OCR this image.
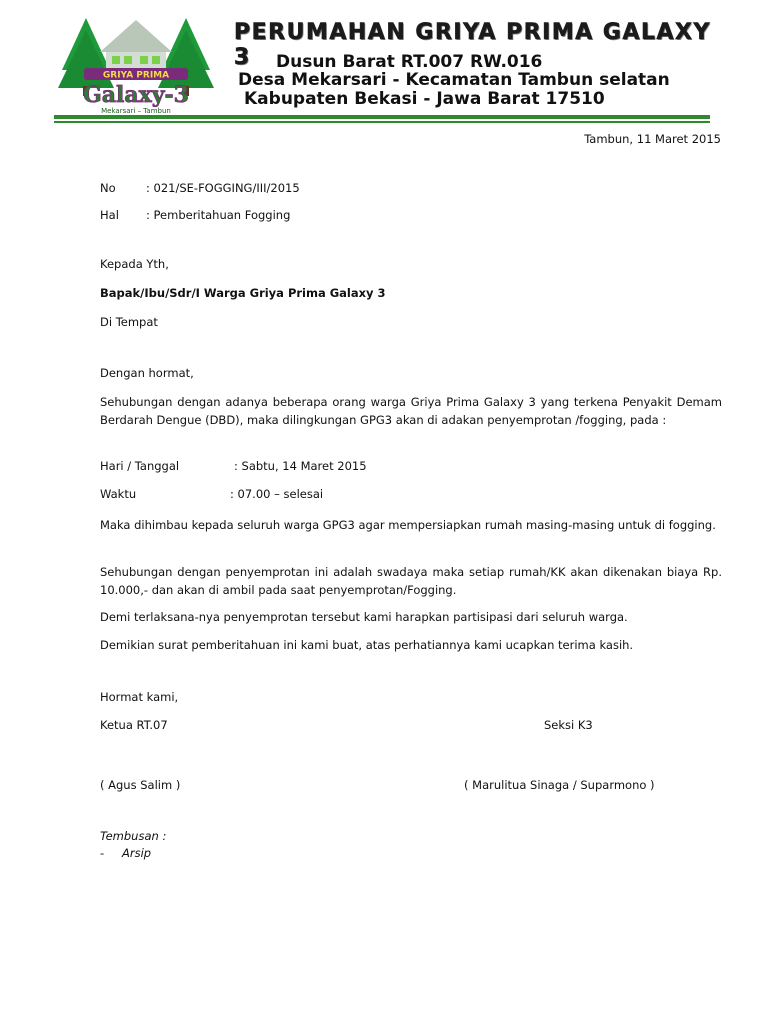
GRIYA PRIMA
Galaxy-3
Mekarsari – Tambun
PERUMAHAN GRIYA PRIMA GALAXY 3	Dusun Barat RT.007 RW.016
Desa Mekarsari - Kecamatan Tambun selatan
Kabupaten Bekasi - Jawa Barat 17510
Tambun, 11 Maret 2015
No	: 021/SE-FOGGING/III/2015
Hal : Pemberitahuan Fogging
Kepada Yth,
Bapak/Ibu/Sdr/I Warga Griya Prima Galaxy 3
Di Tempat
Dengan hormat,
Sehubungan dengan adanya beberapa orang warga Griya Prima Galaxy 3 yang terkena Penyakit Demam Berdarah Dengue (DBD), maka dilingkungan GPG3 akan di adakan penyemprotan /fogging, pada :
Hari / Tanggal	: Sabtu, 14 Maret 2015
Waktu	: 07.00 – selesai
Maka dihimbau kepada seluruh warga GPG3 agar mempersiapkan rumah masing-masing untuk di fogging.
Sehubungan dengan penyemprotan ini adalah swadaya maka setiap rumah/KK akan dikenakan biaya Rp. 10.000,- dan akan di ambil pada saat penyemprotan/Fogging.
Demi terlaksana-nya penyemprotan tersebut kami harapkan partisipasi dari seluruh warga.
Demikian surat pemberitahuan ini kami buat, atas perhatiannya kami ucapkan terima kasih.
Hormat kami,
Ketua RT.07	Seksi K3
( Agus Salim )	( Marulitua Sinaga / Suparmono )
Tembusan :
- Arsip
